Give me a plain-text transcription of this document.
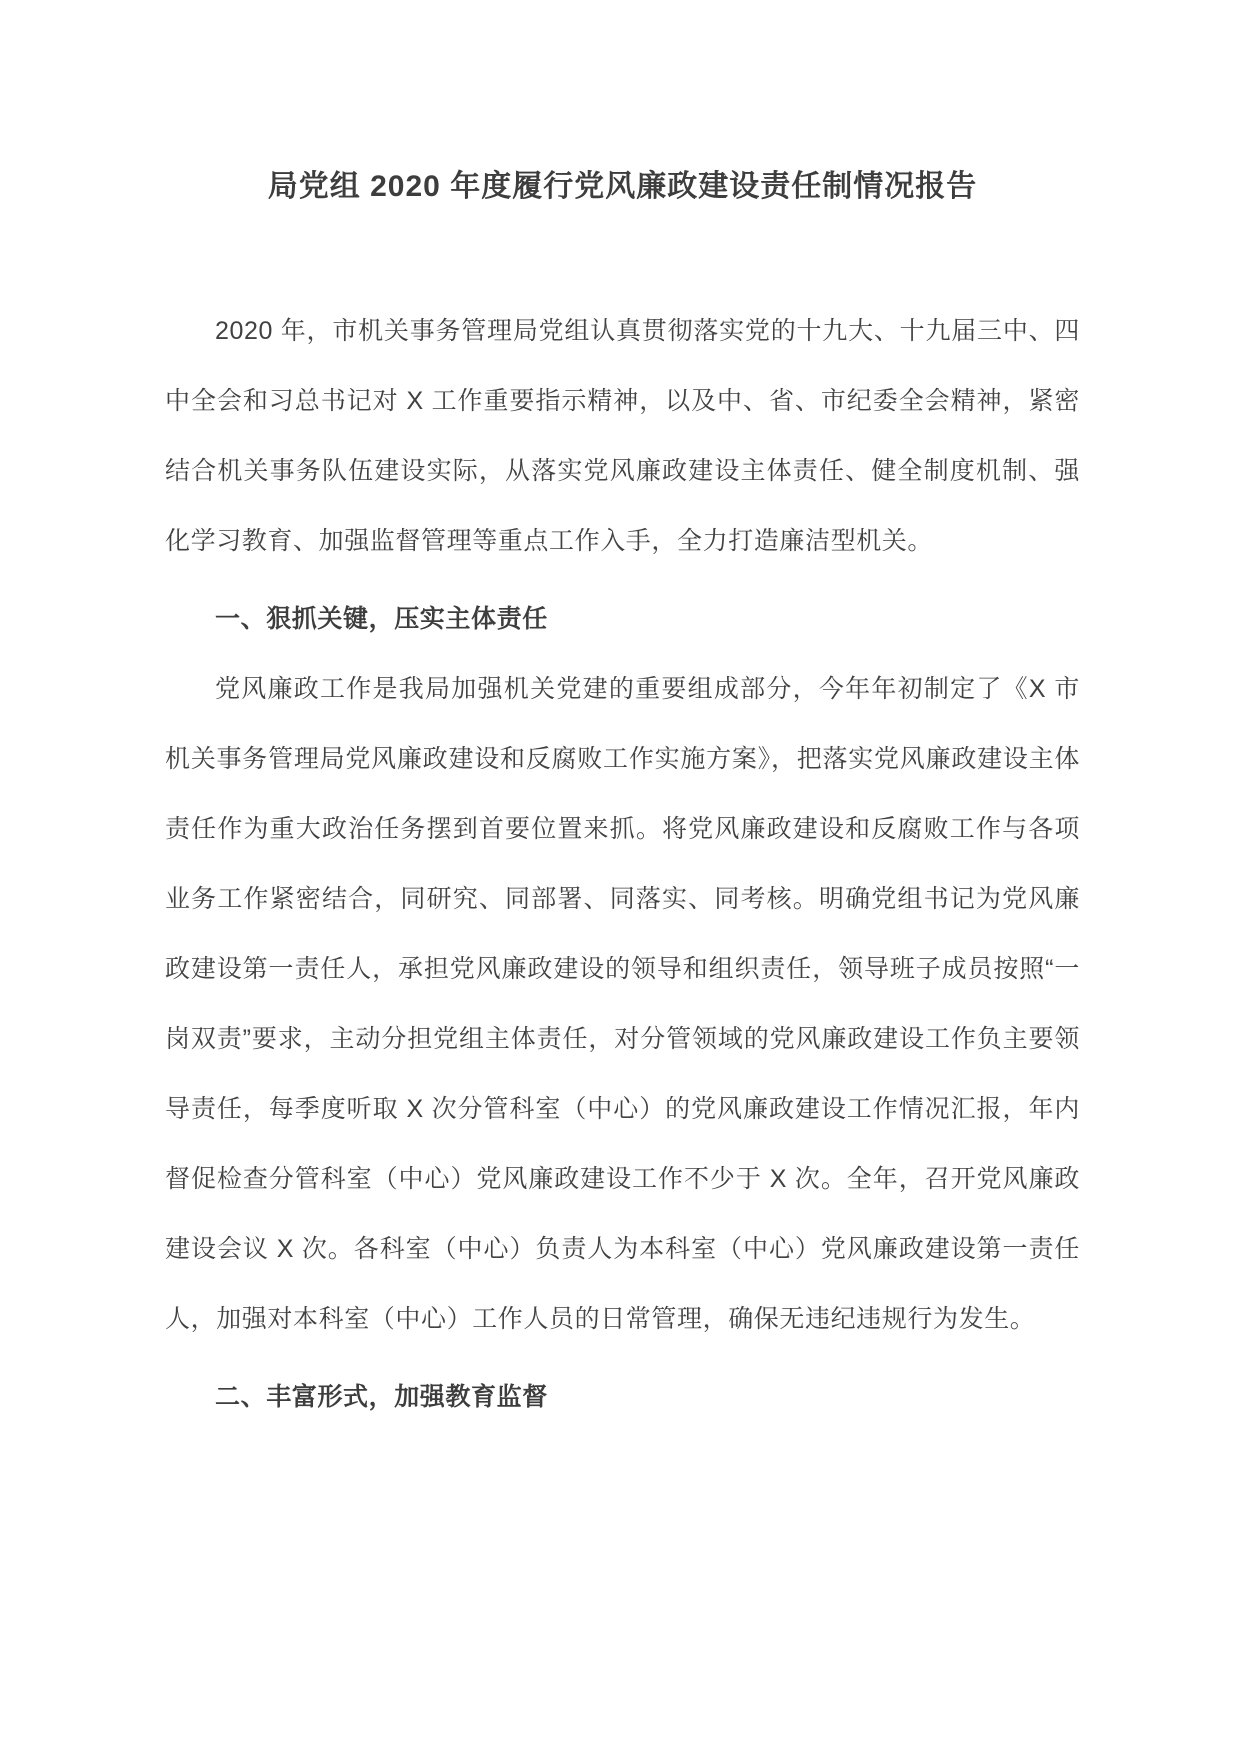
局党组 2020 年度履行党风廉政建设责任制情况报告

2020 年，市机关事务管理局党组认真贯彻落实党的十九大、十九届三中、四中全会和习总书记对 X 工作重要指示精神，以及中、省、市纪委全会精神，紧密结合机关事务队伍建设实际，从落实党风廉政建设主体责任、健全制度机制、强化学习教育、加强监督管理等重点工作入手，全力打造廉洁型机关。

一、狠抓关键，压实主体责任

党风廉政工作是我局加强机关党建的重要组成部分，今年年初制定了《X 市机关事务管理局党风廉政建设和反腐败工作实施方案》，把落实党风廉政建设主体责任作为重大政治任务摆到首要位置来抓。将党风廉政建设和反腐败工作与各项业务工作紧密结合，同研究、同部署、同落实、同考核。明确党组书记为党风廉政建设第一责任人，承担党风廉政建设的领导和组织责任，领导班子成员按照“一岗双责”要求，主动分担党组主体责任，对分管领域的党风廉政建设工作负主要领导责任，每季度听取 X 次分管科室（中心）的党风廉政建设工作情况汇报，年内督促检查分管科室（中心）党风廉政建设工作不少于 X 次。全年，召开党风廉政建设会议 X 次。各科室（中心）负责人为本科室（中心）党风廉政建设第一责任人，加强对本科室（中心）工作人员的日常管理，确保无违纪违规行为发生。

二、丰富形式，加强教育监督
